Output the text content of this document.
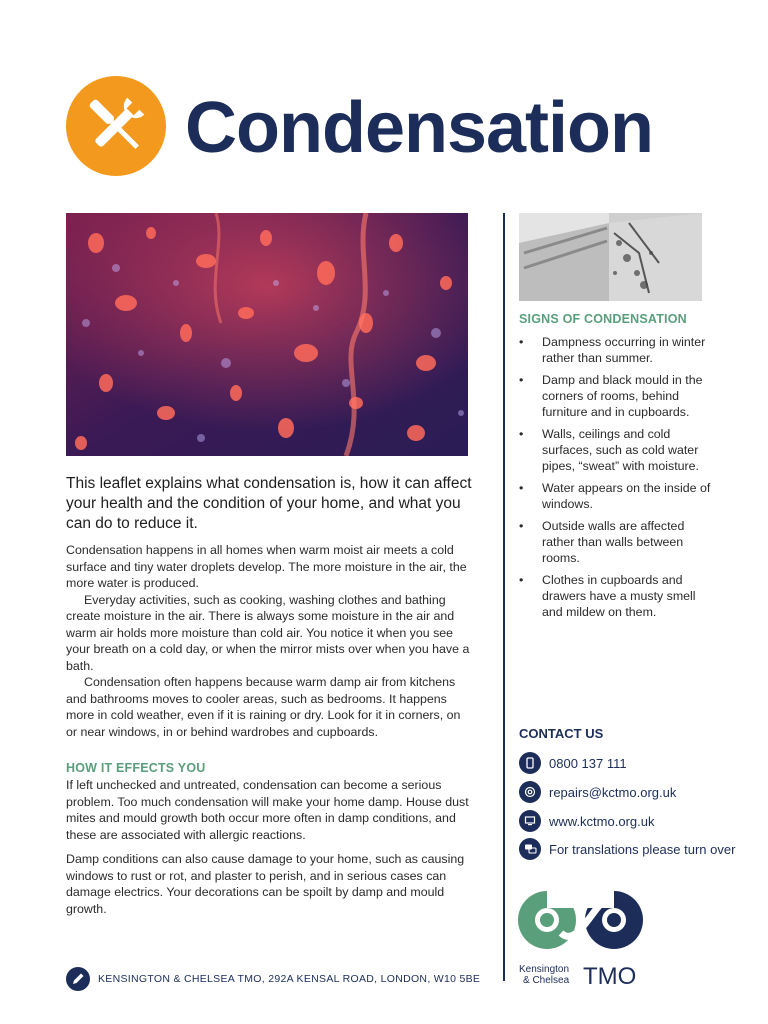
Condensation
SIGNS OF CONDENSATION
• Dampness occurring in winter rather than summer.
• Damp and black mould in the corners of rooms, behind furniture and in cupboards.
• Walls, ceilings and cold surfaces, such as cold water pipes, “sweat” with moisture.
• Water appears on the inside of windows.
• Outside walls are affected rather than walls between rooms.
• Clothes in cupboards and drawers have a musty smell and mildew on them.
This leaflet explains what condensation is, how it can affect your health and the condition of your home, and what you can do to reduce it.

Condensation happens in all homes when warm moist air meets a cold surface and tiny water droplets develop. The more moisture in the air, the more water is produced.

Everyday activities, such as cooking, washing clothes and bathing create moisture in the air. There is always some moisture in the air and warm air holds more moisture than cold air. You notice it when you see your breath on a cold day, or when the mirror mists over when you have a bath.

Condensation often happens because warm damp air from kitchens and bathrooms moves to cooler areas, such as bedrooms. It happens more in cold weather, even if it is raining or dry. Look for it in corners, on or near windows, in or behind wardrobes and cupboards.

HOW IT EFFECTS YOU

If left unchecked and untreated, condensation can become a serious problem. Too much condensation will make your home damp. House dust mites and mould growth both occur more often in damp conditions, and these are associated with allergic reactions.

Damp conditions can also cause damage to your home, such as causing windows to rust or rot, and plaster to perish, and in serious cases can damage electrics. Your decorations can be spoilt by damp and mould growth.

CONTACT US
0800 137 111
repairs@kctmo.org.uk
www.kctmo.org.uk
For translations please turn over
Kensington
& Chelsea TMO
KENSINGTON & CHELSEA TMO, 292A KENSAL ROAD, LONDON, W10 5BE
